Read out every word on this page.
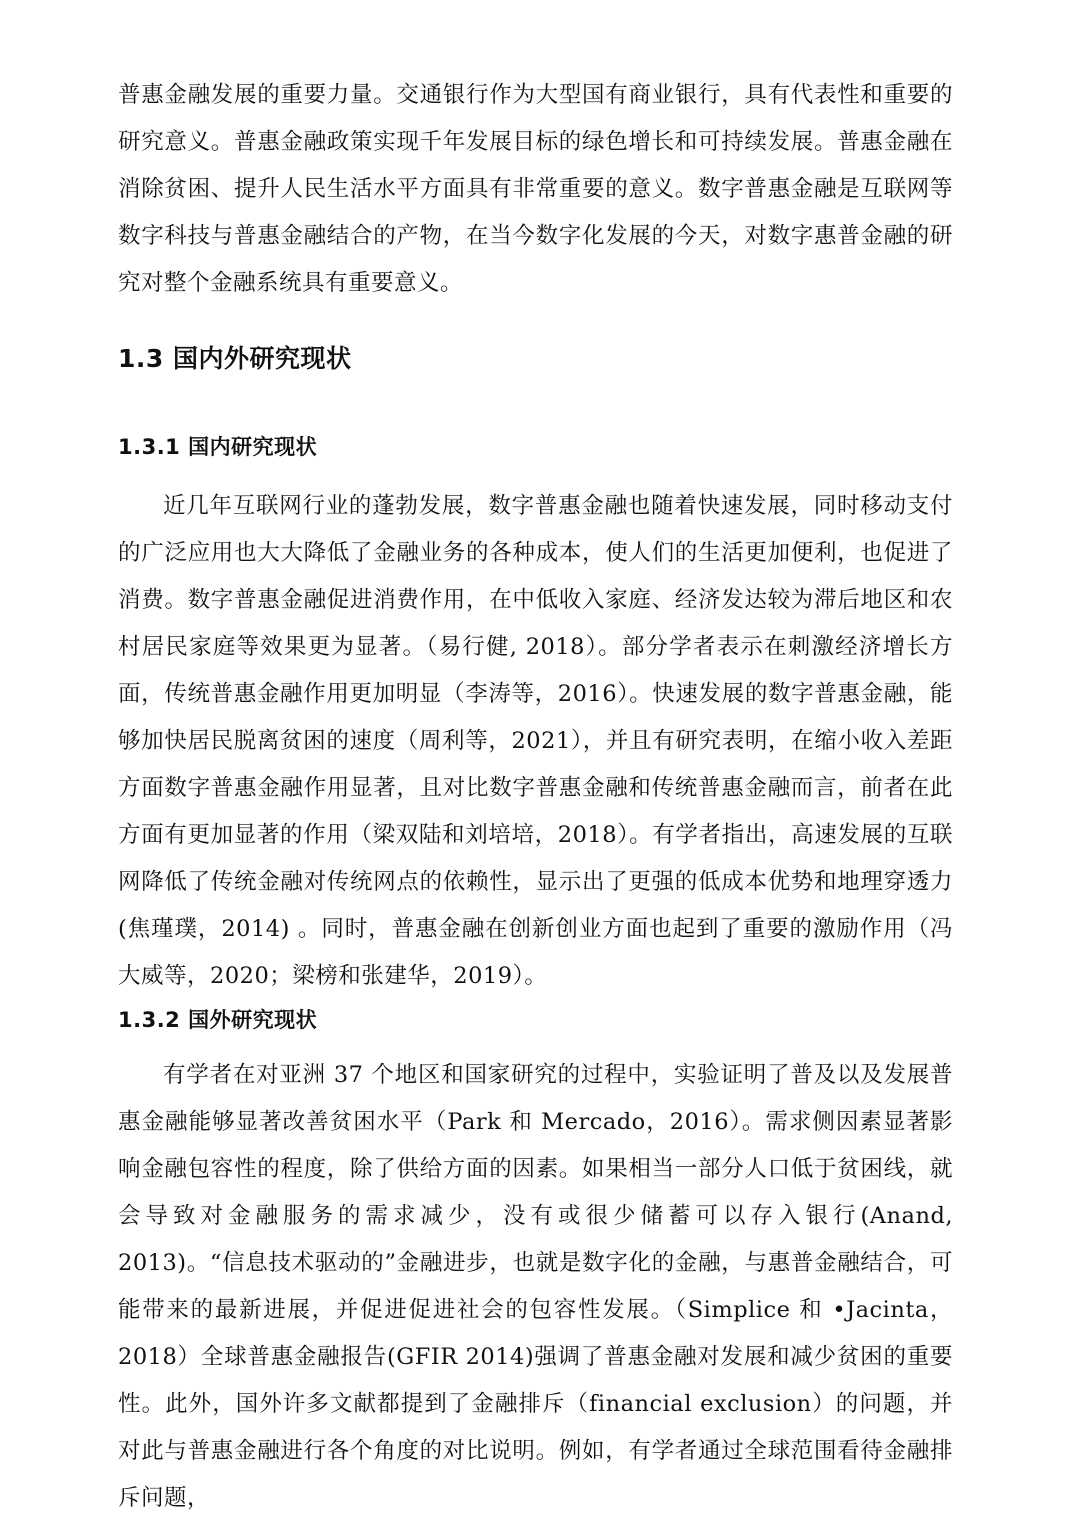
普惠金融发展的重要力量。交通银行作为大型国有商业银行，具有代表性和重要的研究意义。普惠金融政策实现千年发展目标的绿色增长和可持续发展。普惠金融在消除贫困、提升人民生活水平方面具有非常重要的意义。数字普惠金融是互联网等数字科技与普惠金融结合的产物，在当今数字化发展的今天，对数字惠普金融的研究对整个金融系统具有重要意义。

1.3 国内外研究现状
1.3.1 国内研究现状

近几年互联网行业的蓬勃发展，数字普惠金融也随着快速发展，同时移动支付的广泛应用也大大降低了金融业务的各种成本，使人们的生活更加便利，也促进了消费。数字普惠金融促进消费作用，在中低收入家庭、经济发达较为滞后地区和农村居民家庭等效果更为显著。（易行健, 2018）。部分学者表示在刺激经济增长方面，传统普惠金融作用更加明显（李涛等，2016）。快速发展的数字普惠金融，能够加快居民脱离贫困的速度（周利等，2021），并且有研究表明，在缩小收入差距方面数字普惠金融作用显著，且对比数字普惠金融和传统普惠金融而言，前者在此方面有更加显著的作用（梁双陆和刘培培，2018）。有学者指出，高速发展的互联网降低了传统金融对传统网点的依赖性，显示出了更强的低成本优势和地理穿透力(焦瑾璞，2014) 。同时，普惠金融在创新创业方面也起到了重要的激励作用（冯大威等，2020；梁榜和张建华，2019）。

1.3.2 国外研究现状

有学者在对亚洲 37 个地区和国家研究的过程中，实验证明了普及以及发展普惠金融能够显著改善贫困水平（Park 和 Mercado，2016）。需求侧因素显著影响金融包容性的程度，除了供给方面的因素。如果相当一部分人口低于贫困线，就会导致对金融服务的需求减少，没有或很少储蓄可以存入银行(Anand, 2013)。“信息技术驱动的”金融进步，也就是数字化的金融，与惠普金融结合，可能带来的最新进展，并促进促进社会的包容性发展。（Simplice 和 •Jacinta，2018）全球普惠金融报告(GFIR 2014)强调了普惠金融对发展和减少贫困的重要性。此外，国外许多文献都提到了金融排斥（financial exclusion）的问题，并对此与普惠金融进行各个角度的对比说明。例如，有学者通过全球范围看待金融排斥问题，
